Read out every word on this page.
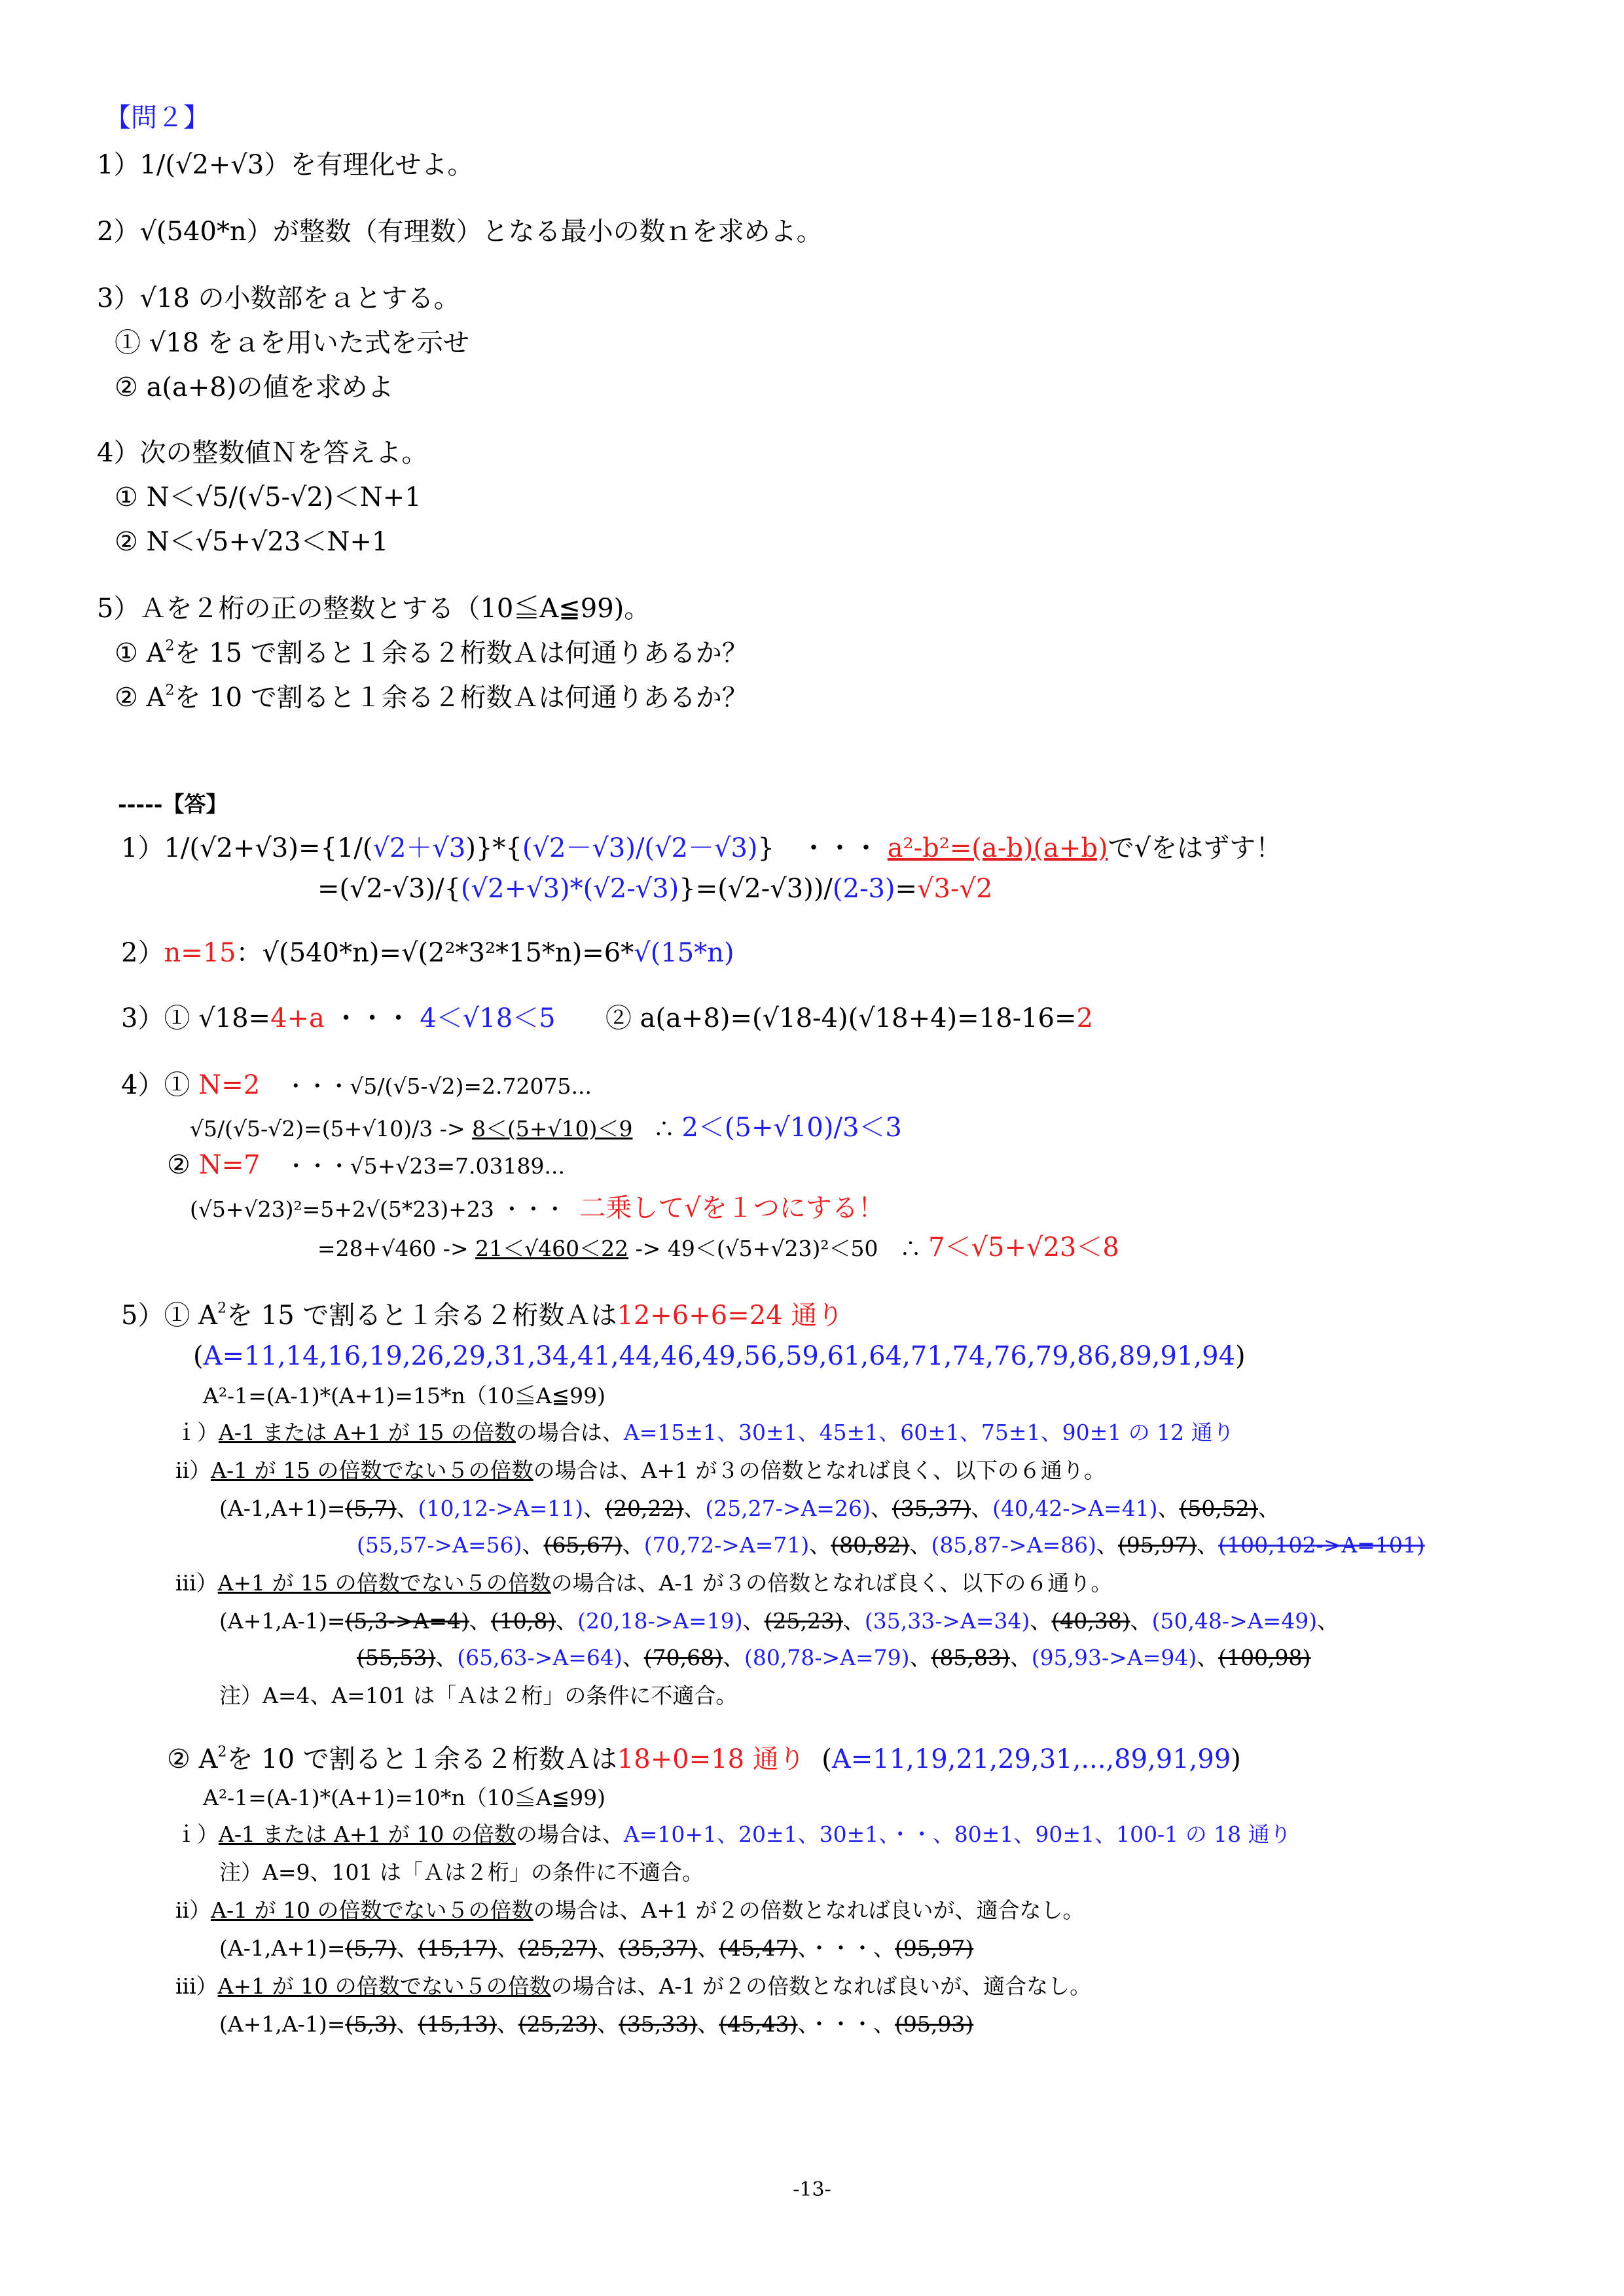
【問２】
1）1/(√2+√3）を有理化せよ。
2）√(540*n）が整数（有理数）となる最小の数ｎを求めよ。
3）√18 の小数部をａとする。
① √18 をａを用いた式を示せ
② a(a+8)の値を求めよ
4）次の整数値Ｎを答えよ。
① N＜√5/(√5-√2)＜N+1
② N＜√5+√23＜N+1
5）Ａを２桁の正の整数とする（10≦A≦99)。
① $A^2$を 15 で割ると１余る２桁数Ａは何通りあるか？
② $A^2$を 10 で割ると１余る２桁数Ａは何通りあるか？
-----【答】
1）1/(√2+√3)={1/(√2＋√3)}*{(√2－√3)/(√2－√3)}　・・・ a²-b²=(a-b)(a+b)で√をはずす！
=(√2-√3)/{(√2+√3)*(√2-√3)}=(√2-√3))/(2-3)=√3-√2
2）n=15：√(540*n)=√(2²*3²*15*n)=6*√(15*n)
3）① √18=4+a ・・・ 4＜√18＜5 ② a(a+8)=(√18-4)(√18+4)=18-16=2
4）① N=2 ・・・√5/(√5-√2)=2.72075...
√5/(√5-√2)=(5+√10)/3 -> 8＜(5+√10)＜9 ∴ 2＜(5+√10)/3＜3
② N=7 ・・・√5+√23=7.03189...
(√5+√23)²=5+2√(5*23)+23 ・・・ 二乗して√を１つにする！
=28+√460 -> 21＜√460＜22 -> 49＜(√5+√23)²＜50　∴ 7＜√5+√23＜8
5）① $A^2$を 15 で割ると１余る２桁数Ａは12+6+6=24 通り
(A=11,14,16,19,26,29,31,34,41,44,46,49,56,59,61,64,71,74,76,79,86,89,91,94)
A²-1=(A-1)*(A+1)=15*n（10≦A≦99)
ｉ）A-1 または A+1 が 15 の倍数の場合は、A=15±1、30±1、45±1、60±1、75±1、90±1 の 12 通り
ⅱ）A-1 が 15 の倍数でない５の倍数の場合は、A+1 が３の倍数となれば良く、以下の６通り。
(A-1,A+1)=(5,7)、(10,12->A=11)、(20,22)、(25,27->A=26)、(35,37)、(40,42->A=41)、(50,52)、
(55,57->A=56)、(65,67)、(70,72->A=71)、(80,82)、(85,87->A=86)、(95,97)、(100,102->A=101)
ⅲ）A+1 が 15 の倍数でない５の倍数の場合は、A-1 が３の倍数となれば良く、以下の６通り。
(A+1,A-1)=(5,3->A=4)、(10,8)、(20,18->A=19)、(25,23)、(35,33->A=34)、(40,38)、(50,48->A=49)、
(55,53)、(65,63->A=64)、(70,68)、(80,78->A=79)、(85,83)、(95,93->A=94)、(100,98)
注）A=4、A=101 は「Ａは２桁」の条件に不適合。
② $A^2$を 10 で割ると１余る２桁数Ａは18+0=18 通り (A=11,19,21,29,31,...,89,91,99)
A²-1=(A-1)*(A+1)=10*n（10≦A≦99)
ｉ）A-1 または A+1 が 10 の倍数の場合は、A=10+1、20±1、30±1、・・、80±1、90±1、100-1 の 18 通り
注）A=9、101 は「Ａは２桁」の条件に不適合。
ⅱ）A-1 が 10 の倍数でない５の倍数の場合は、A+1 が２の倍数となれば良いが、適合なし。
(A-1,A+1)=(5,7)、(15,17)、(25,27)、(35,37)、(45,47)、・・・、(95,97)
ⅲ）A+1 が 10 の倍数でない５の倍数の場合は、A-1 が２の倍数となれば良いが、適合なし。
(A+1,A-1)=(5,3)、(15,13)、(25,23)、(35,33)、(45,43)、・・・、(95,93)
-13-
